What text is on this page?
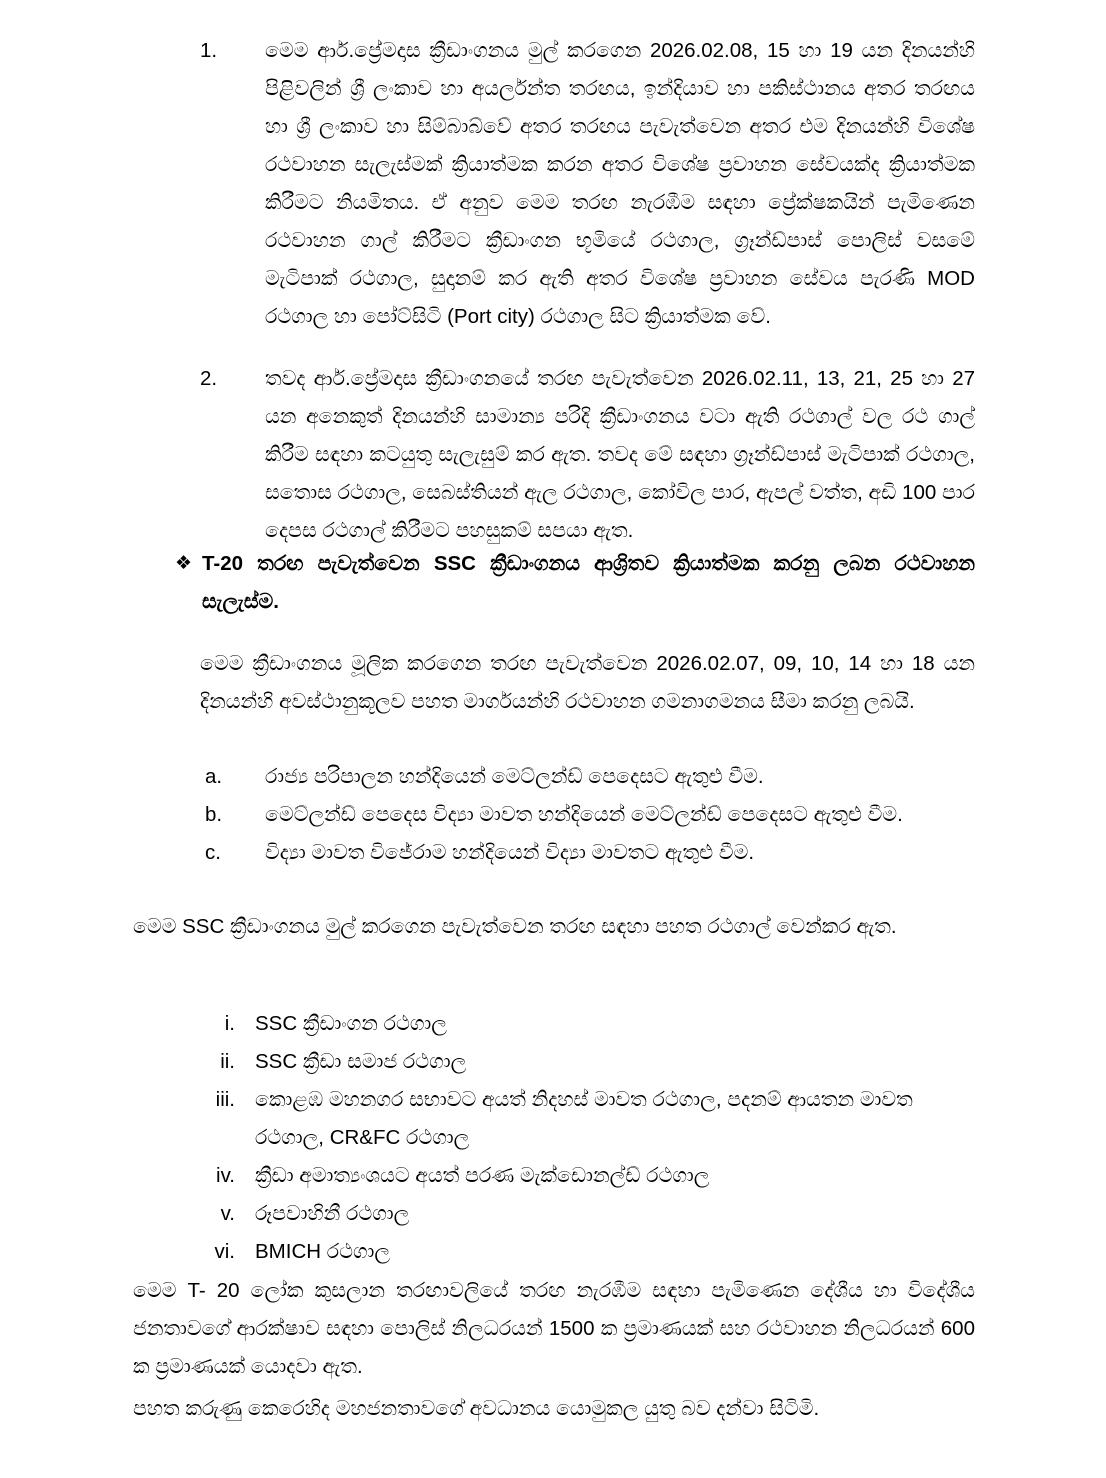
1.	මෙම ආර්.ප්‍රේමදාස ක්‍රීඩාංගනය මුල් කරගෙන 2026.02.08, 15 හා 19 යන දිනයන්හි පිළිවලින් ශ්‍රී ලංකාව හා අයර්ලන්ත තරඟය, ඉන්දියාව හා පකිස්ථානය අතර තරඟය හා ශ්‍රී ලංකාව හා සිම්බාබ්වේ අතර තරඟය පැවැත්වෙන අතර එම දිනයන්හි විශේෂ රථවාහන සැලැස්මක් ක්‍රියාත්මක කරන අතර විශේෂ ප්‍රවාහන සේවයක්ද ක්‍රියාත්මක කිරීමට නියමිතය. ඒ අනුව මෙම තරඟ නැරඹීම සඳහා ප්‍රේක්ෂකයින් පැමිණෙන රථවාහන ගාල් කිරීමට ක්‍රීඩාංගන භූමියේ රථගාල, ග්‍රෑන්ඩ්පාස් පොලිස් වසමේ මැටිපාක් රථගාල, සුදානම් කර ඇති අතර විශේෂ ප්‍රවාහන සේවය පැරණි MOD රථගාල හා පෝට්සිටි (Port city) රථගාල සිට ක්‍රියාත්මක වේ.
2.	තවද ආර්.ප්‍රේමදාස ක්‍රීඩාංගනයේ තරඟ පැවැත්වෙන 2026.02.11, 13, 21, 25 හා 27 යන අනෙකුත් දිනයන්හි සාමාන්‍ය පරිදි ක්‍රීඩාංගනය වටා ඇති රථගාල් වල රථ ගාල් කිරීම සඳහා කටයුතු සැලැසුම් කර ඇත. තවද මේ සඳහා ග්‍රෑන්ඩ්පාස් මැටිපාක් රථගාල, සතොස රථගාල, සෙබස්තියන් ඇල රථගාල, කෝවිල පාර, ඇපල් වත්ත, අඩි 100 පාර දෙපස රථගාල් කිරීමට පහසුකම් සපයා ඇත.
❖ T-20 තරඟ පැවැත්වෙන SSC ක්‍රීඩාංගනය ආශ්‍රිතව ක්‍රියාත්මක කරනු ලබන රථවාහන සැලැස්ම.
මෙම ක්‍රීඩාංගනය මූලික කරගෙන තරඟ පැවැත්වෙන 2026.02.07, 09, 10, 14 හා 18 යන දිනයන්හි අවස්ථානුකූලව පහත මාර්ගයන්හි රථවාහන ගමනාගමනය සීමා කරනු ලබයි.
a.	රාජ්‍ය පරිපාලන හන්දියෙන් මෙට්ලන්ඩ් පෙදෙසට ඇතුළු වීම.
b.	මෙට්ලන්ඩ් පෙදෙස විද්‍යා මාවත හන්දියෙන් මෙට්ලන්ඩ් පෙදෙසට ඇතුළු වීම.
c.	විද්‍යා මාවත විජේරාම හන්දියෙන් විද්‍යා මාවතට ඇතුළු වීම.
මෙම SSC ක්‍රීඩාංගනය මුල් කරගෙන පැවැත්වෙන තරඟ සඳහා පහත රථගාල් වෙන්කර ඇත.
i. SSC ක්‍රීඩාංගන රථගාල
ii. SSC ක්‍රීඩා සමාජ රථගාල
iii. කොළඹ මහනගර සභාවට අයත් නිදහස් මාවත රථගාල, පදනම් ආයතන මාවත රථගාල, CR&FC රථගාල
iv. ක්‍රීඩා අමාත්‍යංශයට අයත් පරණ මැක්ඩොනල්ඩ් රථගාල
v. රූපවාහිනී රථගාල
vi. BMICH රථගාල
මෙම T- 20 ලෝක කුසලාන තරඟාවලියේ තරඟ නැරඹීම සඳහා පැමිණෙන දේශීය හා විදේශීය ජනතාවගේ ආරක්ෂාව සඳහා පොලිස් නිලධරයන් 1500 ක ප්‍රමාණයක් සහ රථවාහන නිලධරයන් 600 ක ප්‍රමාණයක් යොදවා ඇත.
පහත කරුණු කෙරෙහිද මහජනතාවගේ අවධානය යොමුකල යුතු බව දන්වා සිටිමි.
